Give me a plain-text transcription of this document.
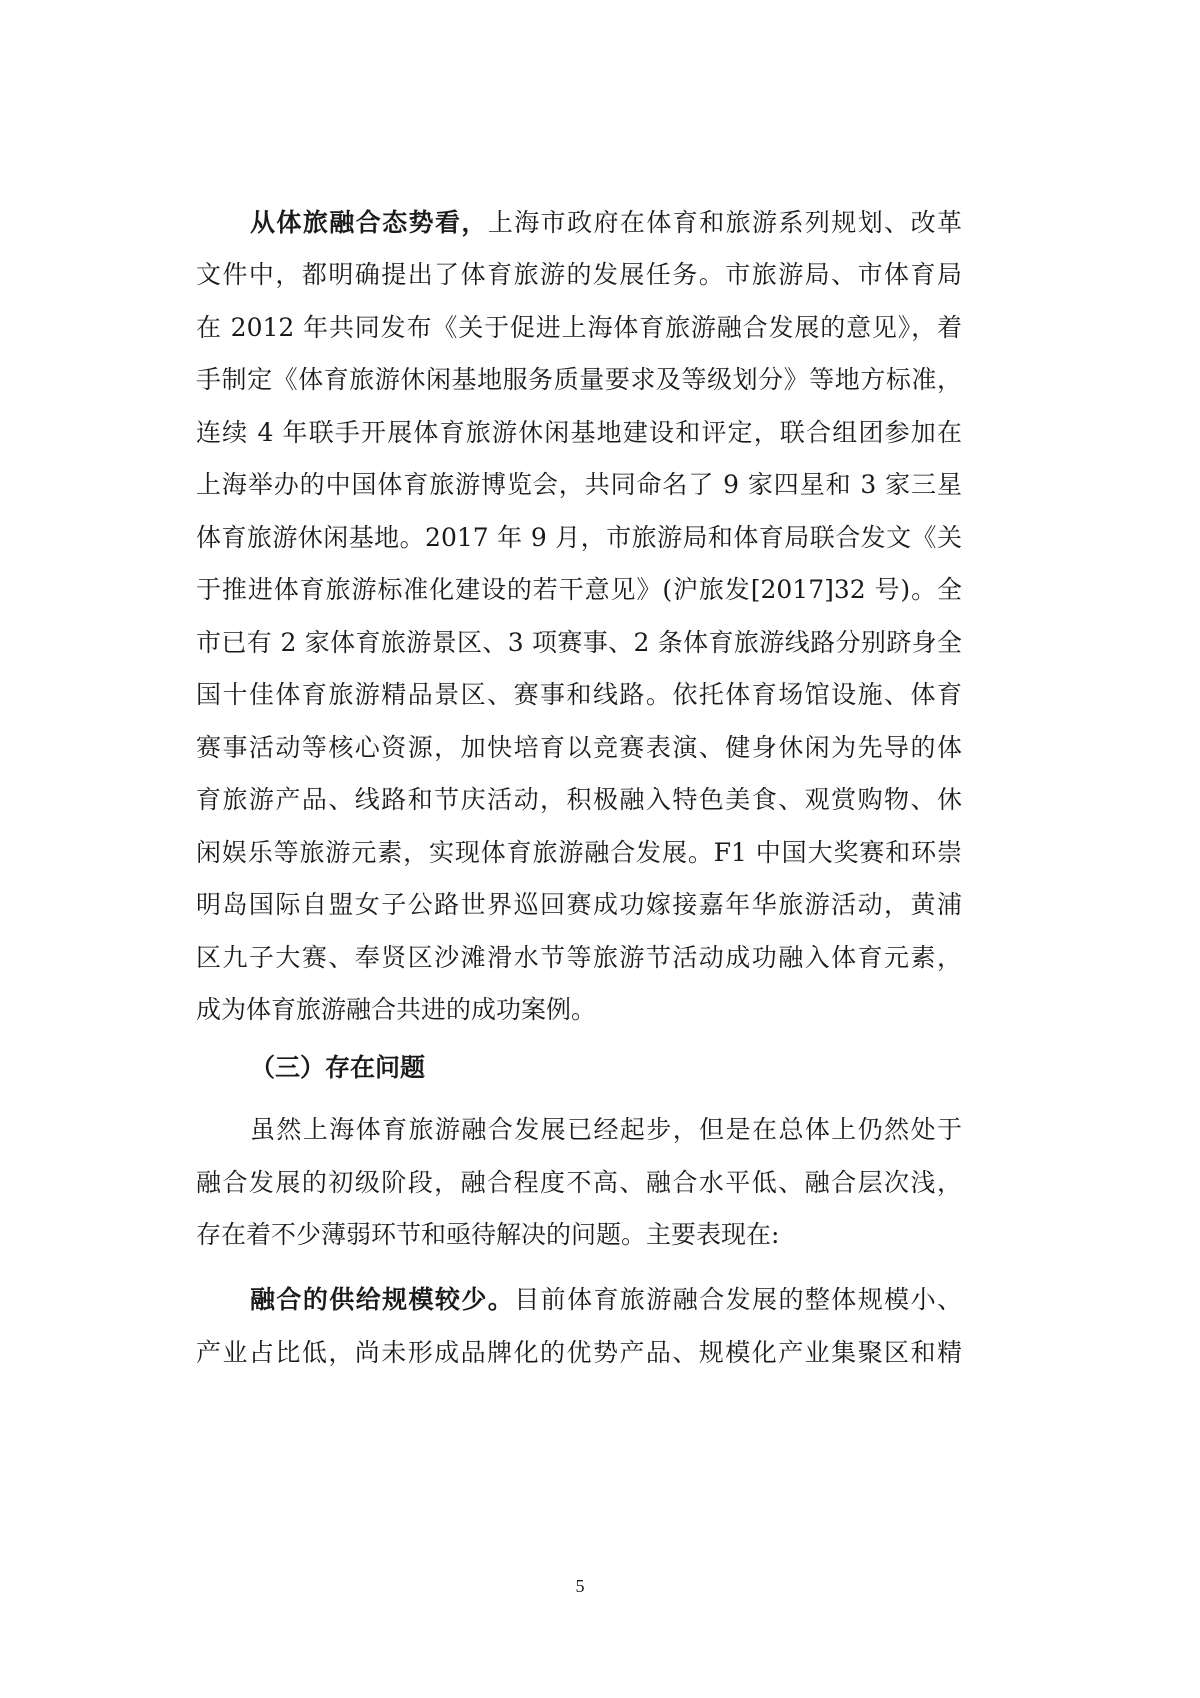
从体旅融合态势看，上海市政府在体育和旅游系列规划、改革
文件中，都明确提出了体育旅游的发展任务。市旅游局、市体育局
在 2012 年共同发布《关于促进上海体育旅游融合发展的意见》，着
手制定《体育旅游休闲基地服务质量要求及等级划分》等地方标准，
连续 4 年联手开展体育旅游休闲基地建设和评定，联合组团参加在
上海举办的中国体育旅游博览会，共同命名了 9 家四星和 3 家三星
体育旅游休闲基地。2017 年 9 月，市旅游局和体育局联合发文《关
于推进体育旅游标准化建设的若干意见》(沪旅发[2017]32 号)。全
市已有 2 家体育旅游景区、3 项赛事、2 条体育旅游线路分别跻身全
国十佳体育旅游精品景区、赛事和线路。依托体育场馆设施、体育
赛事活动等核心资源，加快培育以竞赛表演、健身休闲为先导的体
育旅游产品、线路和节庆活动，积极融入特色美食、观赏购物、休
闲娱乐等旅游元素，实现体育旅游融合发展。F1 中国大奖赛和环崇
明岛国际自盟女子公路世界巡回赛成功嫁接嘉年华旅游活动，黄浦
区九子大赛、奉贤区沙滩滑水节等旅游节活动成功融入体育元素，
成为体育旅游融合共进的成功案例。
（三）存在问题
虽然上海体育旅游融合发展已经起步，但是在总体上仍然处于
融合发展的初级阶段，融合程度不高、融合水平低、融合层次浅，
存在着不少薄弱环节和亟待解决的问题。主要表现在:
融合的供给规模较少。目前体育旅游融合发展的整体规模小、
产业占比低，尚未形成品牌化的优势产品、规模化产业集聚区和精
5
